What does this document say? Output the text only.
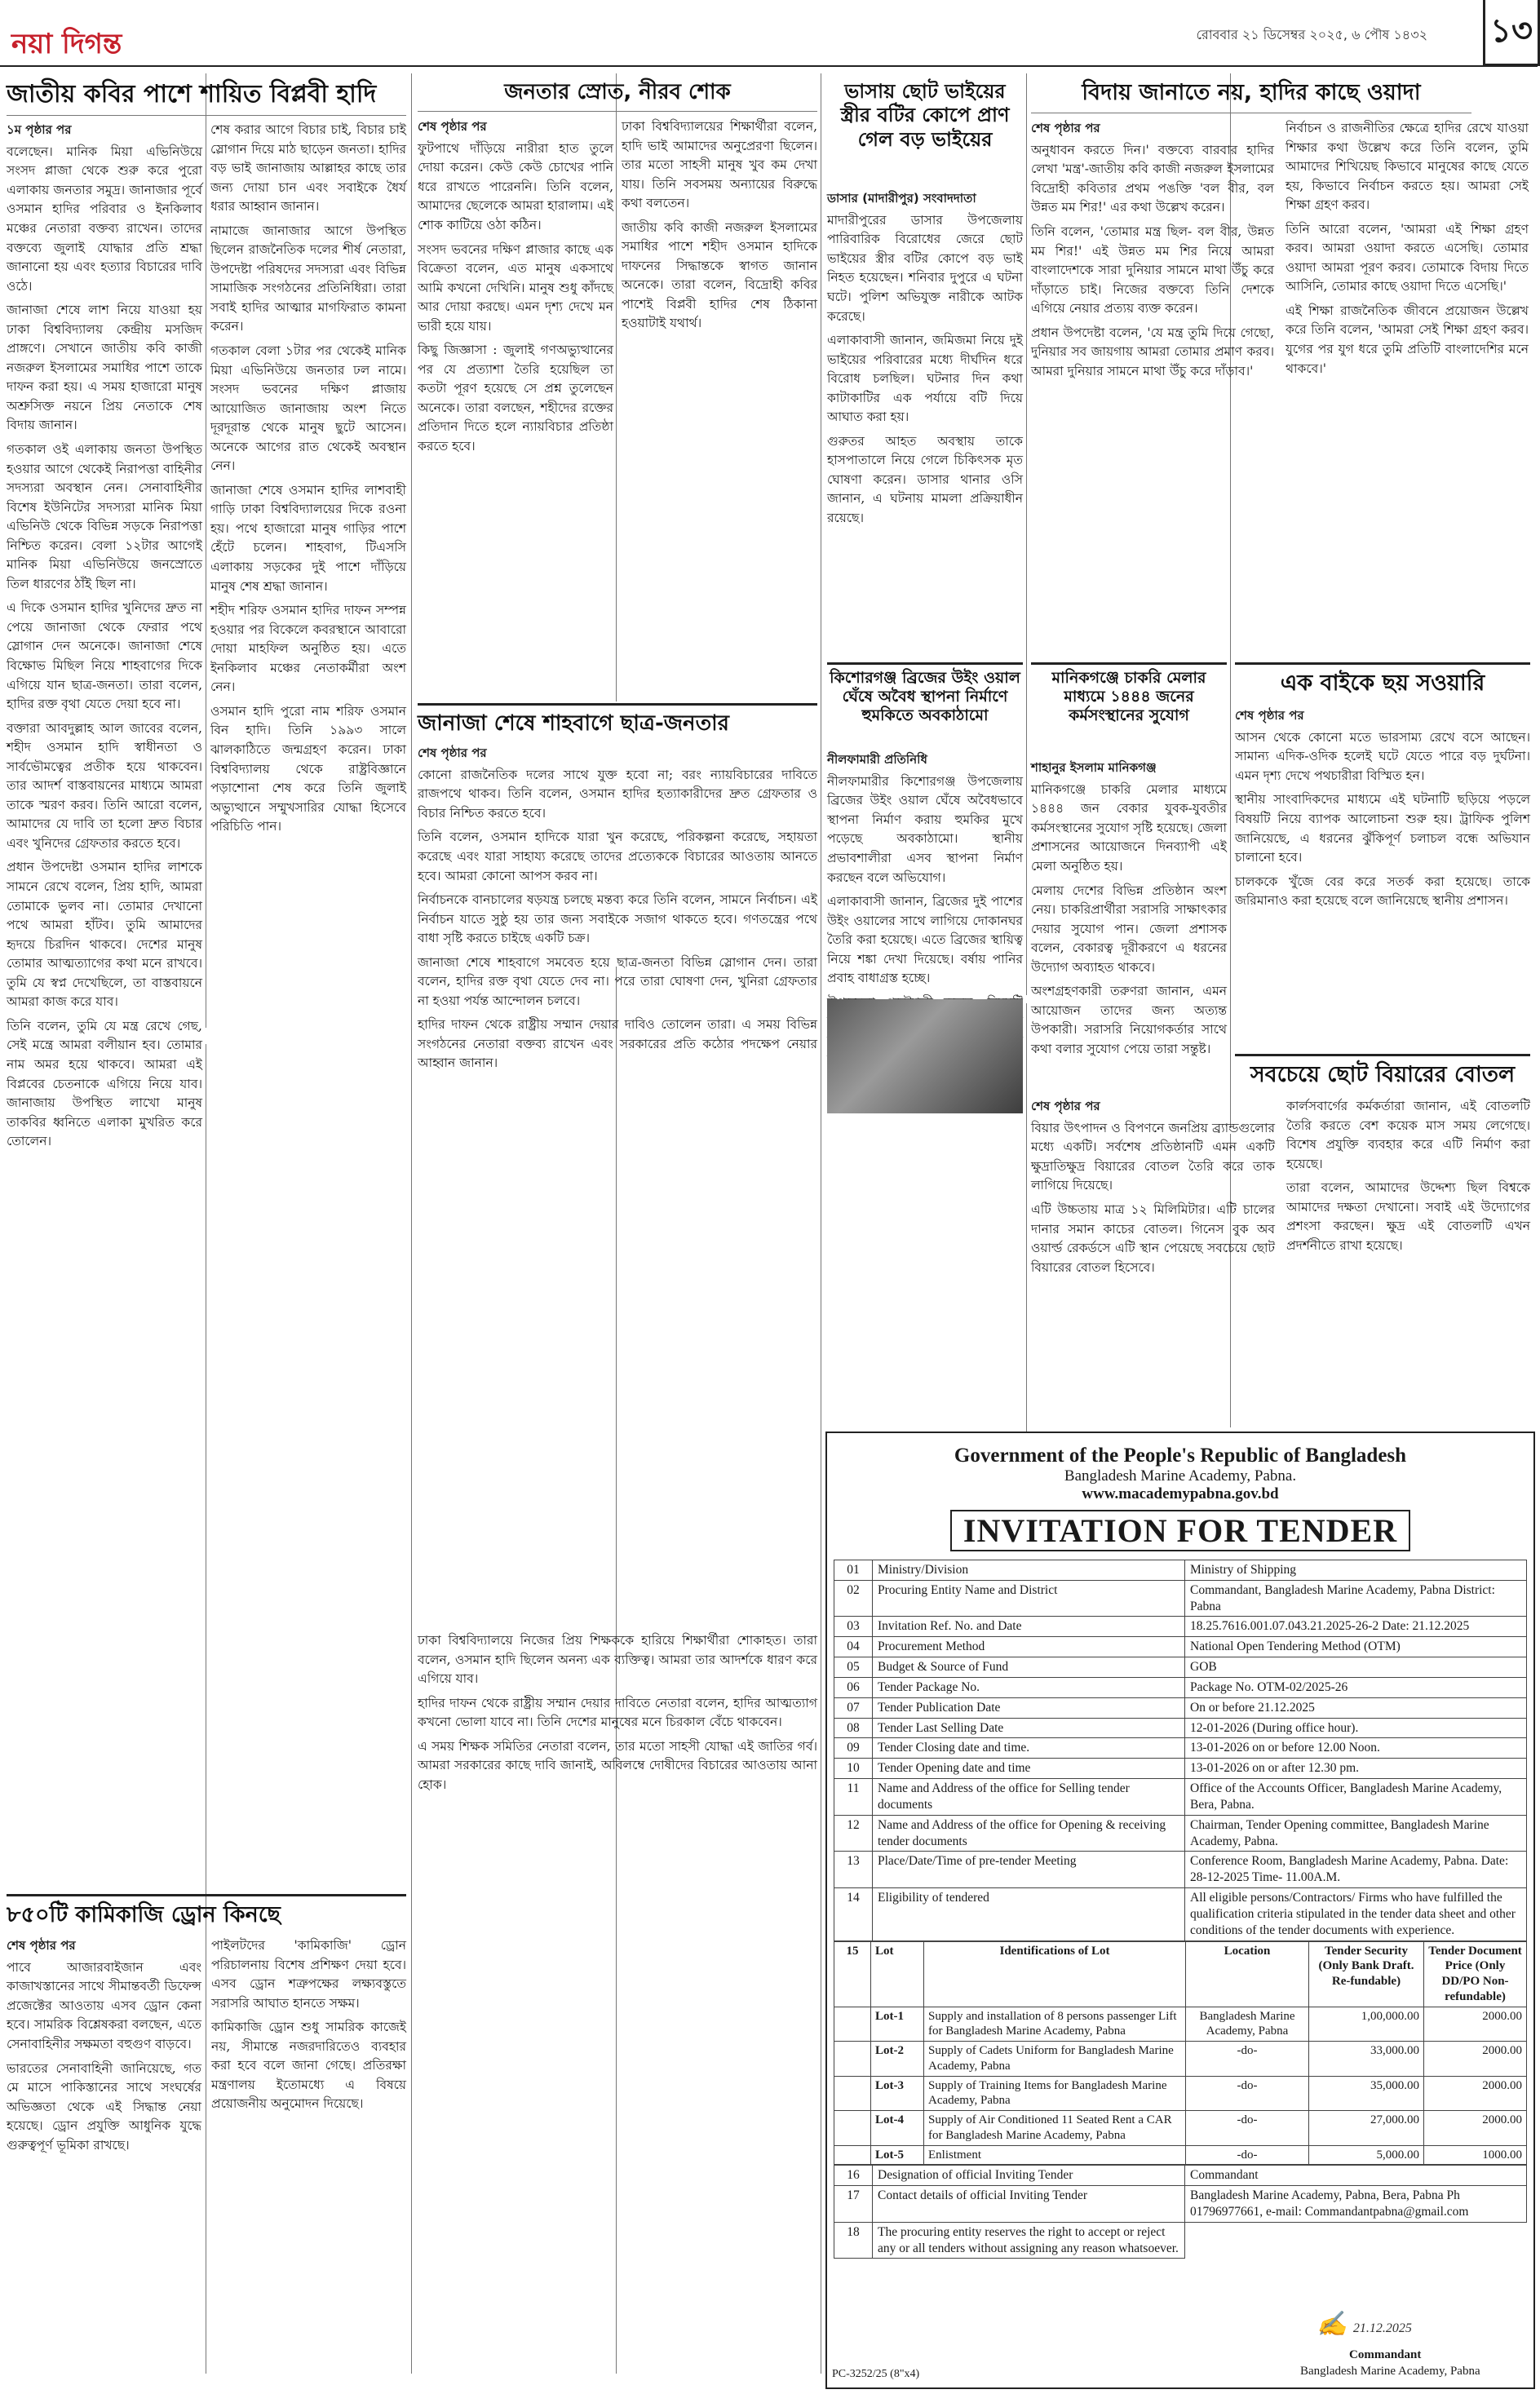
নয়া দিগন্ত	রোববার ২১ ডিসেম্বর ২০২৫, ৬ পৌষ ১৪৩২ ১৩
জাতীয় কবির পাশে শায়িত বিপ্লবী হাদি
১ম পৃষ্ঠার পর

বলেছেন। মানিক মিয়া এভিনিউয়ে সংসদ প্লাজা থেকে শুরু করে পুরো এলাকায় জনতার সমুদ্র। জানাজার পূর্বে ওসমান হাদির পরিবার ও ইনকিলাব মঞ্চের নেতারা বক্তব্য রাখেন। তাদের বক্তব্যে জুলাই যোদ্ধার প্রতি শ্রদ্ধা জানানো হয় এবং হত্যার বিচারের দাবি ওঠে।

জানাজা শেষে লাশ নিয়ে যাওয়া হয় ঢাকা বিশ্ববিদ্যালয় কেন্দ্রীয় মসজিদ প্রাঙ্গণে। সেখানে জাতীয় কবি কাজী নজরুল ইসলামের সমাধির পাশে তাকে দাফন করা হয়। এ সময় হাজারো মানুষ অশ্রুসিক্ত নয়নে প্রিয় নেতাকে শেষ বিদায় জানান।

গতকাল ওই এলাকায় জনতা উপস্থিত হওয়ার আগে থেকেই নিরাপত্তা বাহিনীর সদস্যরা অবস্থান নেন। সেনাবাহিনীর বিশেষ ইউনিটের সদস্যরা মানিক মিয়া এভিনিউ থেকে বিভিন্ন সড়কে নিরাপত্তা নিশ্চিত করেন। বেলা ১২টার আগেই মানিক মিয়া এভিনিউয়ে জনস্রোতে তিল ধারণের ঠাঁই ছিল না।

এ দিকে ওসমান হাদির খুনিদের দ্রুত না পেয়ে জানাজা থেকে ফেরার পথে স্লোগান দেন অনেকে। জানাজা শেষে বিক্ষোভ মিছিল নিয়ে শাহবাগের দিকে এগিয়ে যান ছাত্র-জনতা। তারা বলেন, হাদির রক্ত বৃথা যেতে দেয়া হবে না।

বক্তারা আবদুল্লাহ আল জাবের বলেন, শহীদ ওসমান হাদি স্বাধীনতা ও সার্বভৌমত্বের প্রতীক হয়ে থাকবেন। তার আদর্শ বাস্তবায়নের মাধ্যমে আমরা তাকে স্মরণ করব। তিনি আরো বলেন, আমাদের যে দাবি তা হলো দ্রুত বিচার এবং খুনিদের গ্রেফতার করতে হবে।

প্রধান উপদেষ্টা ওসমান হাদির লাশকে সামনে রেখে বলেন, প্রিয় হাদি, আমরা তোমাকে ভুলব না। তোমার দেখানো পথে আমরা হাঁটব। তুমি আমাদের হৃদয়ে চিরদিন থাকবে। দেশের মানুষ তোমার আত্মত্যাগের কথা মনে রাখবে। তুমি যে স্বপ্ন দেখেছিলে, তা বাস্তবায়নে আমরা কাজ করে যাব।

তিনি বলেন, তুমি যে মন্ত্র রেখে গেছ, সেই মন্ত্রে আমরা বলীয়ান হব। তোমার নাম অমর হয়ে থাকবে। আমরা এই বিপ্লবের চেতনাকে এগিয়ে নিয়ে যাব। জানাজায় উপস্থিত লাখো মানুষ তাকবির ধ্বনিতে এলাকা মুখরিত করে তোলেন।

শেষ করার আগে বিচার চাই, বিচার চাই স্লোগান দিয়ে মাঠ ছাড়েন জনতা। হাদির বড় ভাই জানাজায় আল্লাহর কাছে তার জন্য দোয়া চান এবং সবাইকে ধৈর্য ধরার আহ্বান জানান।

নামাজে জানাজার আগে উপস্থিত ছিলেন রাজনৈতিক দলের শীর্ষ নেতারা, উপদেষ্টা পরিষদের সদস্যরা এবং বিভিন্ন সামাজিক সংগঠনের প্রতিনিধিরা। তারা সবাই হাদির আত্মার মাগফিরাত কামনা করেন।

গতকাল বেলা ১টার পর থেকেই মানিক মিয়া এভিনিউয়ে জনতার ঢল নামে। সংসদ ভবনের দক্ষিণ প্লাজায় আয়োজিত জানাজায় অংশ নিতে দূরদূরান্ত থেকে মানুষ ছুটে আসেন। অনেকে আগের রাত থেকেই অবস্থান নেন।

জানাজা শেষে ওসমান হাদির লাশবাহী গাড়ি ঢাকা বিশ্ববিদ্যালয়ের দিকে রওনা হয়। পথে হাজারো মানুষ গাড়ির পাশে হেঁটে চলেন। শাহবাগ, টিএসসি এলাকায় সড়কের দুই পাশে দাঁড়িয়ে মানুষ শেষ শ্রদ্ধা জানান।

শহীদ শরিফ ওসমান হাদির দাফন সম্পন্ন হওয়ার পর বিকেলে কবরস্থানে আবারো দোয়া মাহফিল অনুষ্ঠিত হয়। এতে ইনকিলাব মঞ্চের নেতাকর্মীরা অংশ নেন।

ওসমান হাদি পুরো নাম শরিফ ওসমান বিন হাদি। তিনি ১৯৯৩ সালে ঝালকাঠিতে জন্মগ্রহণ করেন। ঢাকা বিশ্ববিদ্যালয় থেকে রাষ্ট্রবিজ্ঞানে পড়াশোনা শেষ করে তিনি জুলাই অভ্যুত্থানে সম্মুখসারির যোদ্ধা হিসেবে পরিচিতি পান।

জনতার স্রোত, নীরব শোক
শেষ পৃষ্ঠার পর

ফুটপাথে দাঁড়িয়ে নারীরা হাত তুলে দোয়া করেন। কেউ কেউ চোখের পানি ধরে রাখতে পারেননি। তিনি বলেন, আমাদের ছেলেকে আমরা হারালাম। এই শোক কাটিয়ে ওঠা কঠিন।

সংসদ ভবনের দক্ষিণ প্লাজার কাছে এক বিক্রেতা বলেন, এত মানুষ একসাথে আমি কখনো দেখিনি। মানুষ শুধু কাঁদছে আর দোয়া করছে। এমন দৃশ্য দেখে মন ভারী হয়ে যায়।

কিছু জিজ্ঞাসা : জুলাই গণঅভ্যুত্থানের পর যে প্রত্যাশা তৈরি হয়েছিল তা কতটা পূরণ হয়েছে সে প্রশ্ন তুলেছেন অনেকে। তারা বলছেন, শহীদের রক্তের প্রতিদান দিতে হলে ন্যায়বিচার প্রতিষ্ঠা করতে হবে।

ঢাকা বিশ্ববিদ্যালয়ের শিক্ষার্থীরা বলেন, হাদি ভাই আমাদের অনুপ্রেরণা ছিলেন। তার মতো সাহসী মানুষ খুব কম দেখা যায়। তিনি সবসময় অন্যায়ের বিরুদ্ধে কথা বলতেন।

জাতীয় কবি কাজী নজরুল ইসলামের সমাধির পাশে শহীদ ওসমান হাদিকে দাফনের সিদ্ধান্তকে স্বাগত জানান অনেকে। তারা বলেন, বিদ্রোহী কবির পাশেই বিপ্লবী হাদির শেষ ঠিকানা হওয়াটাই যথার্থ।

জানাজা শেষে শাহবাগে ছাত্র-জনতার
শেষ পৃষ্ঠার পর

কোনো রাজনৈতিক দলের সাথে যুক্ত হবো না; বরং ন্যায়বিচারের দাবিতে রাজপথে থাকব। তিনি বলেন, ওসমান হাদির হত্যাকারীদের দ্রুত গ্রেফতার ও বিচার নিশ্চিত করতে হবে।

তিনি বলেন, ওসমান হাদিকে যারা খুন করেছে, পরিকল্পনা করেছে, সহায়তা করেছে এবং যারা সাহায্য করেছে তাদের প্রত্যেককে বিচারের আওতায় আনতে হবে। আমরা কোনো আপস করব না।

নির্বাচনকে বানচালের ষড়যন্ত্র চলছে মন্তব্য করে তিনি বলেন, সামনে নির্বাচন। এই নির্বাচন যাতে সুষ্ঠু হয় তার জন্য সবাইকে সজাগ থাকতে হবে। গণতন্ত্রের পথে বাধা সৃষ্টি করতে চাইছে একটি চক্র।

জানাজা শেষে শাহবাগে সমবেত হয়ে ছাত্র-জনতা বিভিন্ন স্লোগান দেন। তারা বলেন, হাদির রক্ত বৃথা যেতে দেব না। পরে তারা ঘোষণা দেন, খুনিরা গ্রেফতার না হওয়া পর্যন্ত আন্দোলন চলবে।

হাদির দাফন থেকে রাষ্ট্রীয় সম্মান দেয়ার দাবিও তোলেন তারা। এ সময় বিভিন্ন সংগঠনের নেতারা বক্তব্য রাখেন এবং সরকারের প্রতি কঠোর পদক্ষেপ নেয়ার আহ্বান জানান।

ঢাকা বিশ্ববিদ্যালয়ে নিজের প্রিয় শিক্ষককে হারিয়ে শিক্ষার্থীরা শোকাহত। তারা বলেন, ওসমান হাদি ছিলেন অনন্য এক ব্যক্তিত্ব। আমরা তার আদর্শকে ধারণ করে এগিয়ে যাব।

হাদির দাফন থেকে রাষ্ট্রীয় সম্মান দেয়ার দাবিতে নেতারা বলেন, হাদির আত্মত্যাগ কখনো ভোলা যাবে না। তিনি দেশের মানুষের মনে চিরকাল বেঁচে থাকবেন।

এ সময় শিক্ষক সমিতির নেতারা বলেন, তার মতো সাহসী যোদ্ধা এই জাতির গর্ব। আমরা সরকারের কাছে দাবি জানাই, অবিলম্বে দোষীদের বিচারের আওতায় আনা হোক।

ভাসায় ছোট ভাইয়ের স্ত্রীর বটির কোপে প্রাণ গেল বড় ভাইয়ের
ডাসার (মাদারীপুর) সংবাদদাতা

মাদারীপুরের ডাসার উপজেলায় পারিবারিক বিরোধের জেরে ছোট ভাইয়ের স্ত্রীর বটির কোপে বড় ভাই নিহত হয়েছেন। শনিবার দুপুরে এ ঘটনা ঘটে। পুলিশ অভিযুক্ত নারীকে আটক করেছে।

এলাকাবাসী জানান, জমিজমা নিয়ে দুই ভাইয়ের পরিবারের মধ্যে দীর্ঘদিন ধরে বিরোধ চলছিল। ঘটনার দিন কথা কাটাকাটির এক পর্যায়ে বটি দিয়ে আঘাত করা হয়।

গুরুতর আহত অবস্থায় তাকে হাসপাতালে নিয়ে গেলে চিকিৎসক মৃত ঘোষণা করেন। ডাসার থানার ওসি জানান, এ ঘটনায় মামলা প্রক্রিয়াধীন রয়েছে।

বিদায় জানাতে নয়, হাদির কাছে ওয়াদা
শেষ পৃষ্ঠার পর

অনুধাবন করতে দিন।' বক্তব্যে বারবার হাদির লেখা 'মন্ত্র'-জাতীয় কবি কাজী নজরুল ইসলামের বিদ্রোহী কবিতার প্রথম পঙক্তি 'বল বীর, বল উন্নত মম শির!' এর কথা উল্লেখ করেন।

তিনি বলেন, 'তোমার মন্ত্র ছিল- বল বীর, উন্নত মম শির!' এই উন্নত মম শির নিয়ে আমরা বাংলাদেশকে সারা দুনিয়ার সামনে মাথা উঁচু করে দাঁড়াতে চাই। নিজের বক্তব্যে তিনি দেশকে এগিয়ে নেয়ার প্রত্যয় ব্যক্ত করেন।

প্রধান উপদেষ্টা বলেন, 'যে মন্ত্র তুমি দিয়ে গেছো, দুনিয়ার সব জায়গায় আমরা তোমার প্রমাণ করব। আমরা দুনিয়ার সামনে মাথা উঁচু করে দাঁড়াব।'

নির্বাচন ও রাজনীতির ক্ষেত্রে হাদির রেখে যাওয়া শিক্ষার কথা উল্লেখ করে তিনি বলেন, তুমি আমাদের শিখিয়েছ কিভাবে মানুষের কাছে যেতে হয়, কিভাবে নির্বাচন করতে হয়। আমরা সেই শিক্ষা গ্রহণ করব।

তিনি আরো বলেন, 'আমরা এই শিক্ষা গ্রহণ করব। আমরা ওয়াদা করতে এসেছি। তোমার ওয়াদা আমরা পূরণ করব। তোমাকে বিদায় দিতে আসিনি, তোমার কাছে ওয়াদা দিতে এসেছি।'

এই শিক্ষা রাজনৈতিক জীবনে প্রয়োজন উল্লেখ করে তিনি বলেন, 'আমরা সেই শিক্ষা গ্রহণ করব। যুগের পর যুগ ধরে তুমি প্রতিটি বাংলাদেশির মনে থাকবে।'

কিশোরগঞ্জ ব্রিজের উইং ওয়াল ঘেঁষে অবৈধ স্থাপনা নির্মাণে হুমকিতে অবকাঠামো
নীলফামারী প্রতিনিধি

নীলফামারীর কিশোরগঞ্জ উপজেলায় ব্রিজের উইং ওয়াল ঘেঁষে অবৈধভাবে স্থাপনা নির্মাণ করায় হুমকির মুখে পড়েছে অবকাঠামো। স্থানীয় প্রভাবশালীরা এসব স্থাপনা নির্মাণ করছেন বলে অভিযোগ।

এলাকাবাসী জানান, ব্রিজের দুই পাশের উইং ওয়ালের সাথে লাগিয়ে দোকানঘর তৈরি করা হয়েছে। এতে ব্রিজের স্থায়িত্ব নিয়ে শঙ্কা দেখা দিয়েছে। বর্ষায় পানির প্রবাহ বাধাগ্রস্ত হচ্ছে।

মানিকগঞ্জে চাকরি মেলার মাধ্যমে ১৪৪৪ জনের কর্মসংস্থানের সুযোগ
শাহানুর ইসলাম মানিকগঞ্জ

মানিকগঞ্জে চাকরি মেলার মাধ্যমে ১৪৪৪ জন বেকার যুবক-যুবতীর কর্মসংস্থানের সুযোগ সৃষ্টি হয়েছে। জেলা প্রশাসনের আয়োজনে দিনব্যাপী এই মেলা অনুষ্ঠিত হয়।

মেলায় দেশের বিভিন্ন প্রতিষ্ঠান অংশ নেয়। চাকরিপ্রার্থীরা সরাসরি সাক্ষাৎকার দেয়ার সুযোগ পান। জেলা প্রশাসক বলেন, বেকারত্ব দূরীকরণে এ ধরনের উদ্যোগ অব্যাহত থাকবে।

অংশগ্রহণকারী তরুণরা জানান, এমন আয়োজন তাদের জন্য অত্যন্ত উপকারী। সরাসরি নিয়োগকর্তার সাথে কথা বলার সুযোগ পেয়ে তারা সন্তুষ্ট।

এক বাইকে ছয় সওয়ারি
শেষ পৃষ্ঠার পর

আসন থেকে কোনো মতে ভারসাম্য রেখে বসে আছেন। সামান্য এদিক-ওদিক হলেই ঘটে যেতে পারে বড় দুর্ঘটনা। এমন দৃশ্য দেখে পথচারীরা বিস্মিত হন।

স্থানীয় সাংবাদিকদের মাধ্যমে এই ঘটনাটি ছড়িয়ে পড়লে বিষয়টি নিয়ে ব্যাপক আলোচনা শুরু হয়। ট্রাফিক পুলিশ জানিয়েছে, এ ধরনের ঝুঁকিপূর্ণ চলাচল বন্ধে অভিযান চালানো হবে।

চালককে খুঁজে বের করে সতর্ক করা হয়েছে। তাকে জরিমানাও করা হয়েছে বলে জানিয়েছে স্থানীয় প্রশাসন।

সবচেয়ে ছোট বিয়ারের বোতল
শেষ পৃষ্ঠার পর

বিয়ার উৎপাদন ও বিপণনে জনপ্রিয় ব্র্যান্ডগুলোর মধ্যে একটি। সর্বশেষ প্রতিষ্ঠানটি এমন একটি ক্ষুদ্রাতিক্ষুদ্র বিয়ারের বোতল তৈরি করে তাক লাগিয়ে দিয়েছে।

এটি উচ্চতায় মাত্র ১২ মিলিমিটার। এটি চালের দানার সমান কাচের বোতল। গিনেস বুক অব ওয়ার্ল্ড রেকর্ডসে এটি স্থান পেয়েছে সবচেয়ে ছোট বিয়ারের বোতল হিসেবে।

কার্লসবার্গের কর্মকর্তারা জানান, এই বোতলটি তৈরি করতে বেশ কয়েক মাস সময় লেগেছে। বিশেষ প্রযুক্তি ব্যবহার করে এটি নির্মাণ করা হয়েছে।

তারা বলেন, আমাদের উদ্দেশ্য ছিল বিশ্বকে আমাদের দক্ষতা দেখানো। সবাই এই উদ্যোগের প্রশংসা করছেন। ক্ষুদ্র এই বোতলটি এখন প্রদর্শনীতে রাখা হয়েছে।

৮৫০টি কামিকাজি ড্রোন কিনছে
শেষ পৃষ্ঠার পর

পাবে আজারবাইজান এবং কাজাখস্তানের সাথে সীমান্তবর্তী ডিফেন্স প্রজেক্টের আওতায় এসব ড্রোন কেনা হবে। সামরিক বিশ্লেষকরা বলছেন, এতে সেনাবাহিনীর সক্ষমতা বহুগুণ বাড়বে।

ভারতের সেনাবাহিনী জানিয়েছে, গত মে মাসে পাকিস্তানের সাথে সংঘর্ষের অভিজ্ঞতা থেকে এই সিদ্ধান্ত নেয়া হয়েছে। ড্রোন প্রযুক্তি আধুনিক যুদ্ধে গুরুত্বপূর্ণ ভূমিকা রাখছে।

পাইলটদের 'কামিকাজি' ড্রোন পরিচালনায় বিশেষ প্রশিক্ষণ দেয়া হবে। এসব ড্রোন শত্রুপক্ষের লক্ষ্যবস্তুতে সরাসরি আঘাত হানতে সক্ষম।

কামিকাজি ড্রোন শুধু সামরিক কাজেই নয়, সীমান্তে নজরদারিতেও ব্যবহার করা হবে বলে জানা গেছে। প্রতিরক্ষা মন্ত্রণালয় ইতোমধ্যে এ বিষয়ে প্রয়োজনীয় অনুমোদন দিয়েছে।

Government of the People's Republic of Bangladesh
Bangladesh Marine Academy, Pabna.
www.macademypabna.gov.bd
INVITATION FOR TENDER
01	Ministry/Division	Ministry of Shipping
02	Procuring Entity Name and District	Commandant, Bangladesh Marine Academy, Pabna District: Pabna
03	Invitation Ref. No. and Date	18.25.7616.001.07.043.21.2025-26-2 Date: 21.12.2025
04	Procurement Method	National Open Tendering Method (OTM)
05	Budget & Source of Fund	GOB
06	Tender Package No.	Package No. OTM-02/2025-26
07	Tender Publication Date	On or before 21.12.2025
08	Tender Last Selling Date	12-01-2026 (During office hour).
09	Tender Closing date and time.	13-01-2026 on or before 12.00 Noon.
10	Tender Opening date and time	13-01-2026 on or after 12.30 pm.
11	Name and Address of the office for Selling tender documents	Office of the Accounts Officer, Bangladesh Marine Academy, Bera, Pabna.
12	Name and Address of the office for Opening & receiving tender documents	Chairman, Tender Opening committee, Bangladesh Marine Academy, Pabna.
13	Place/Date/Time of pre-tender Meeting	Conference Room, Bangladesh Marine Academy, Pabna. Date: 28-12-2025 Time- 11.00A.M.
14	Eligibility of tendered	All eligible persons/Contractors/ Firms who have fulfilled the qualification criteria stipulated in the tender data sheet and other conditions of the tender documents with experience.
15	Lot	Identifications of Lot	Location	Tender Security (Only Bank Draft. Re-fundable)	Tender Document Price (Only DD/PO Non-refundable)
	Lot-1	Supply and installation of 8 persons passenger Lift for Bangladesh Marine Academy, Pabna	Bangladesh Marine Academy, Pabna	1,00,000.00	2000.00
	Lot-2	Supply of Cadets Uniform for Bangladesh Marine Academy, Pabna	-do-	33,000.00	2000.00
	Lot-3	Supply of Training Items for Bangladesh Marine Academy, Pabna	-do-	35,000.00	2000.00
	Lot-4	Supply of Air Conditioned 11 Seated Rent a CAR for Bangladesh Marine Academy, Pabna	-do-	27,000.00	2000.00
	Lot-5	Enlistment	-do-	5,000.00	1000.00
16	Designation of official Inviting Tender	Commandant
17	Contact details of official Inviting Tender	Bangladesh Marine Academy, Pabna, Bera, Pabna Ph 01796977661, e-mail: Commandantpabna@gmail.com
18	The procuring entity reserves the right to accept or reject any or all tenders without assigning any reason whatsoever.	
✍ 21.12.2025
Commandant
Bangladesh Marine Academy, Pabna
PC-3252/25 (8"x4)
